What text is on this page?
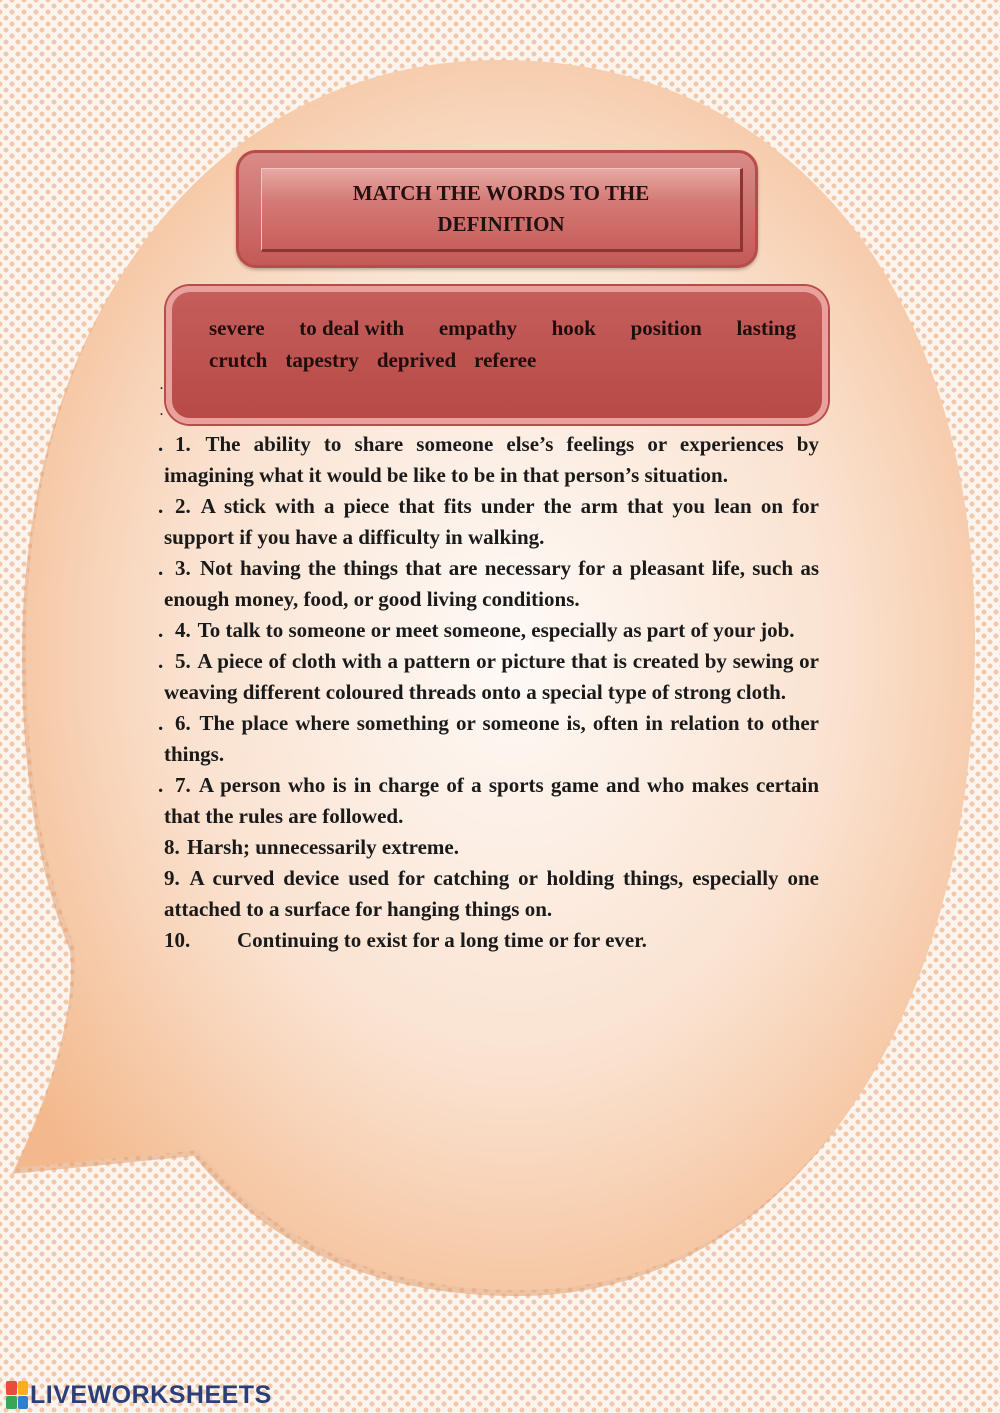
MATCH THE WORDS TO THE DEFINITION
severe to deal with empathy hook position lasting
crutch tapestry deprived referee
.
.

. 1. The ability to share someone else’s feelings or experiences by imagining what it would be like to be in that person’s situation.

. 2. A stick with a piece that fits under the arm that you lean on for support if you have a difficulty in walking.

. 3. Not having the things that are necessary for a pleasant life, such as enough money, food, or good living conditions.

. 4. To talk to someone or meet someone, especially as part of your job.

. 5. A piece of cloth with a pattern or picture that is created by sewing or weaving different coloured threads onto a special type of strong cloth.

. 6. The place where something or someone is, often in relation to other things.

. 7. A person who is in charge of a sports game and who makes certain that the rules are followed.

8. Harsh; unnecessarily extreme.

9. A curved device used for catching or holding things, especially one attached to a surface for hanging things on.

10.	Continuing to exist for a long time or for ever.

LIVEWORKSHEETS
